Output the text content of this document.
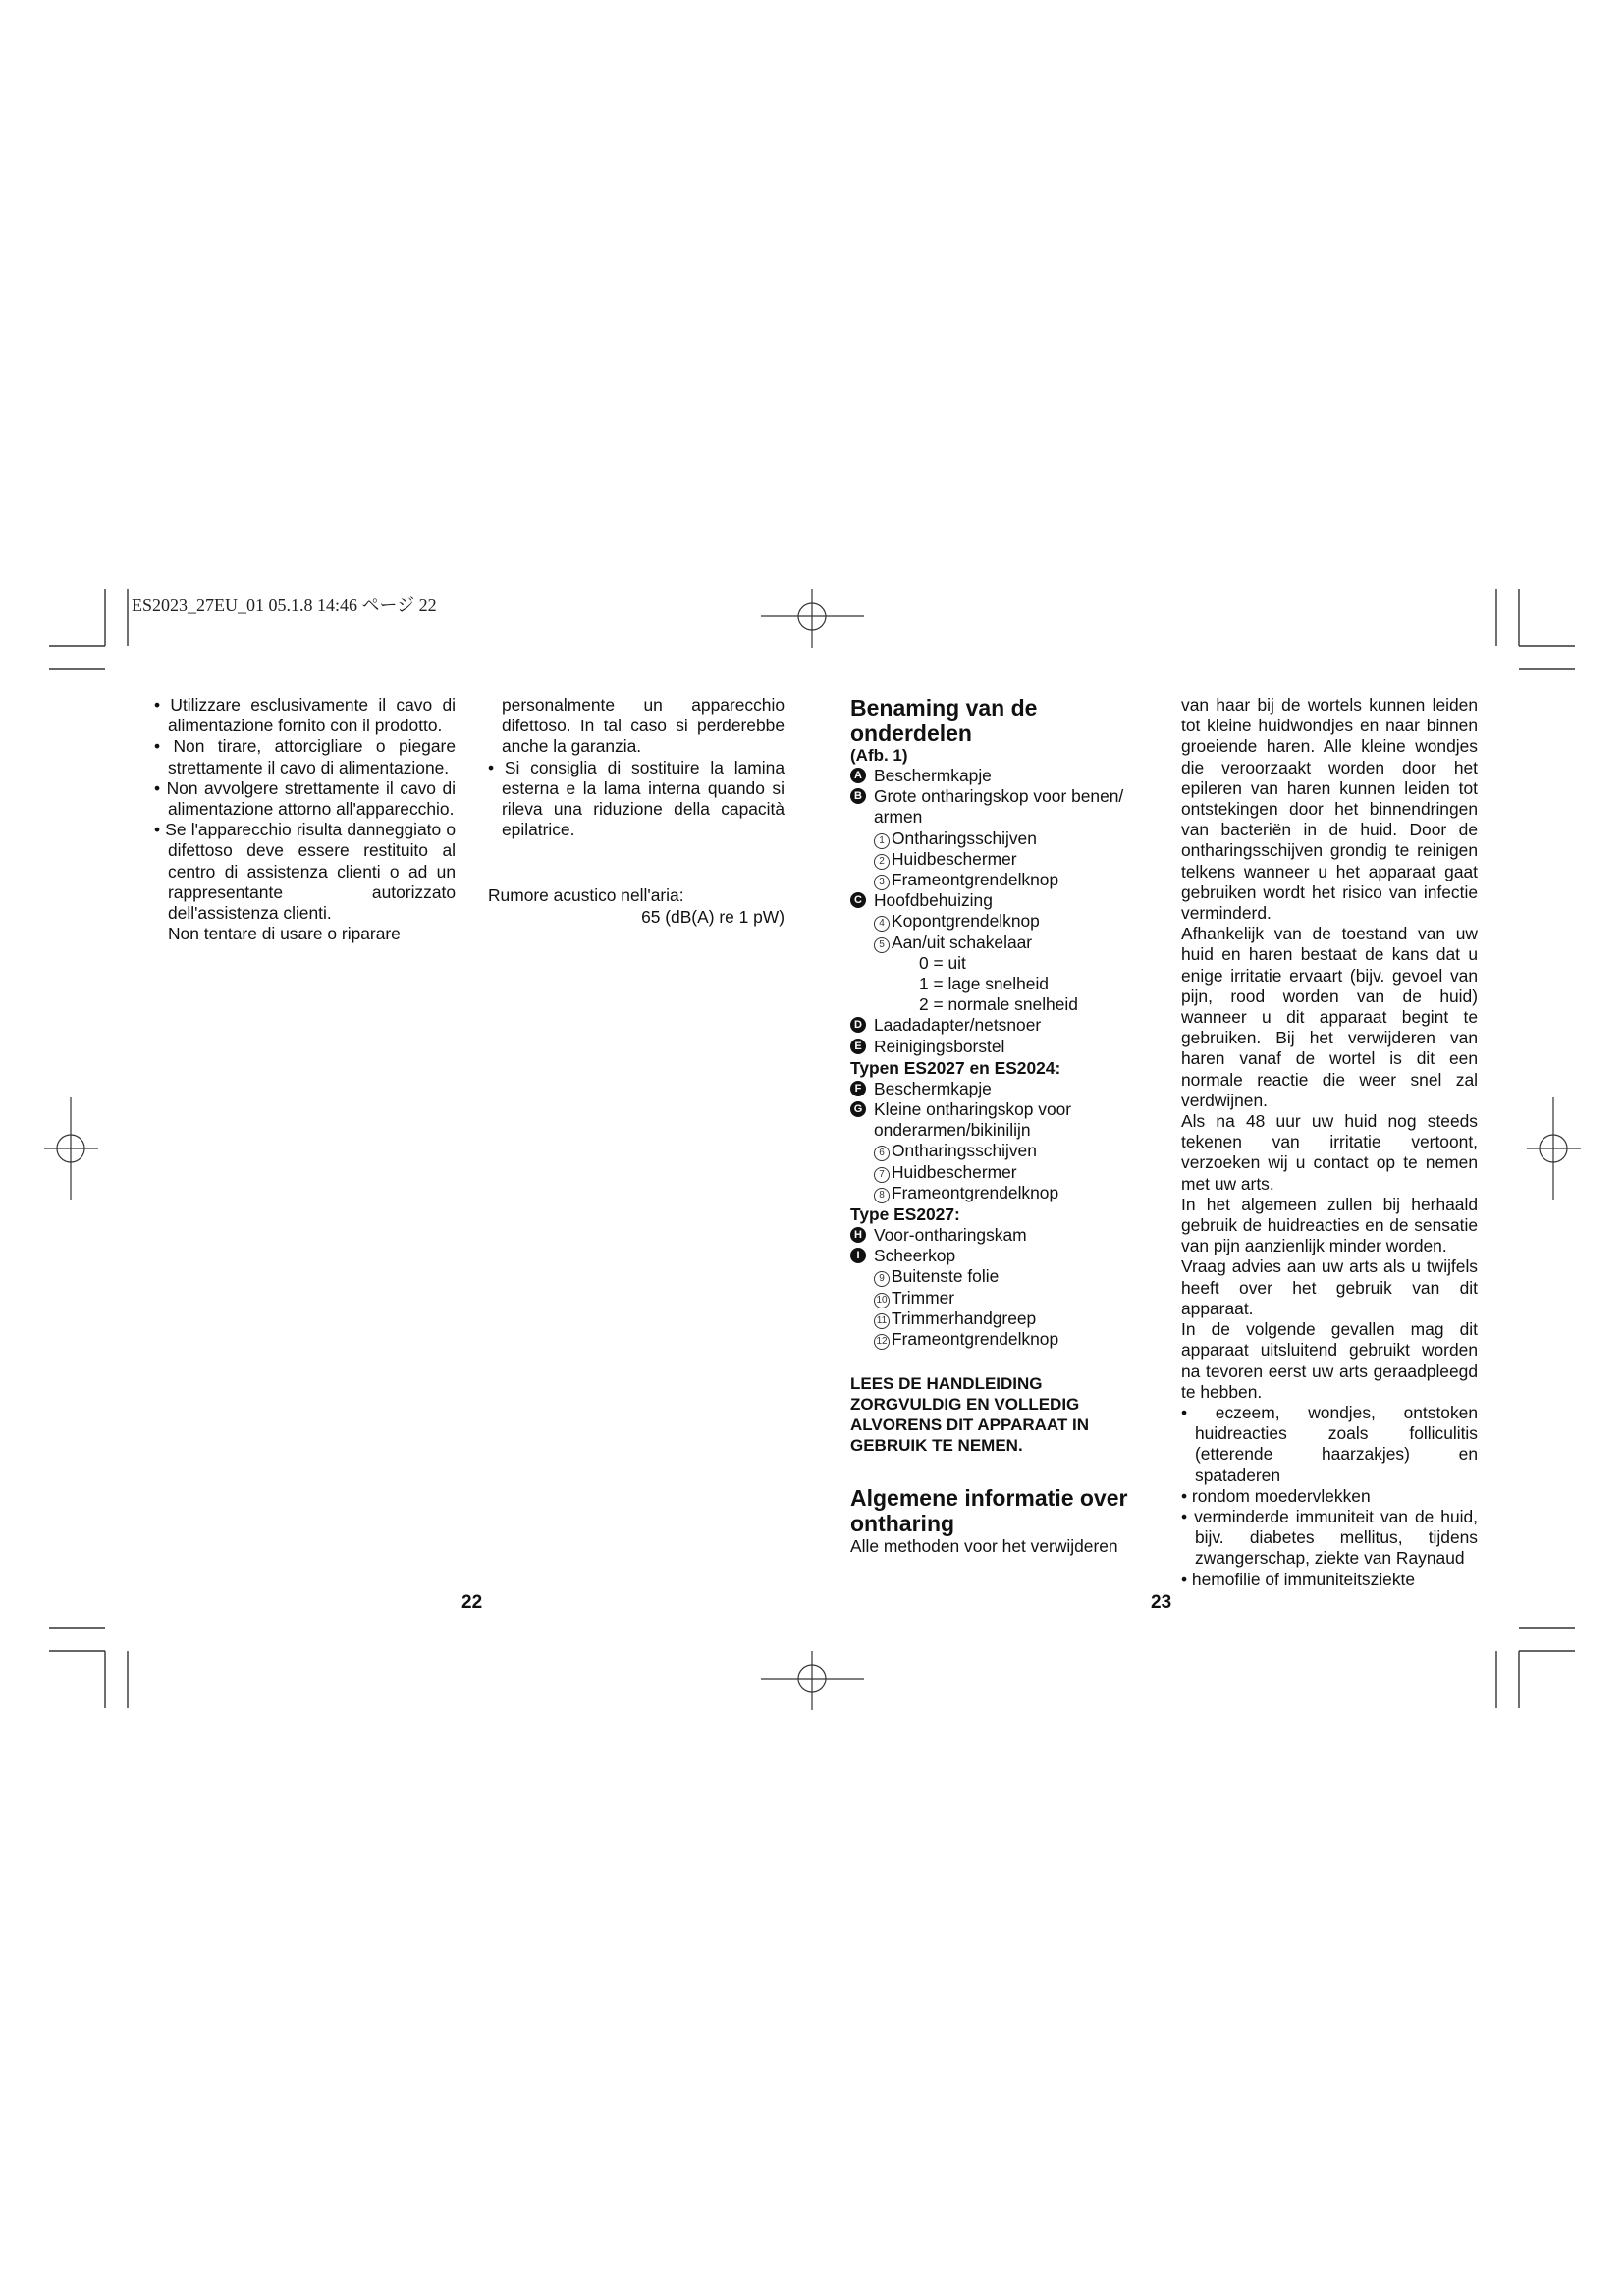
ES2023_27EU_01 05.1.8 14:46 ページ 22

• Utilizzare esclusivamente il cavo di alimentazione fornito con il prodotto.

• Non tirare, attorcigliare o piegare strettamente il cavo di alimentazione.

• Non avvolgere strettamente il cavo di alimentazione attorno all'apparecchio.

• Se l'apparecchio risulta danneggiato o difettoso deve essere restituito al centro di assistenza clienti o ad un rappresentante autorizzato dell'assistenza clienti.

Non tentare di usare o riparare

personalmente un apparecchio difettoso. In tal caso si perderebbe anche la garanzia.

• Si consiglia di sostituire la lamina esterna e la lama interna quando si rileva una riduzione della capacità epilatrice.

Rumore acustico nell'aria:

65 (dB(A) re 1 pW)

Benaming van de onderdelen

(Afb. 1)

A Beschermkapje
B Grote ontharingskop voor benen/ armen
1 Ontharingsschijven
2 Huidbeschermer
3 Frameontgrendelknop
C Hoofdbehuizing
4 Kopontgrendelknop
5 Aan/uit schakelaar
0 = uit
1 = lage snelheid
2 = normale snelheid
D Laadadapter/netsnoer
E Reinigingsborstel

Typen ES2027 en ES2024:

F Beschermkapje
G Kleine ontharingskop voor onderarmen/bikinilijn
6 Ontharingsschijven
7 Huidbeschermer
8 Frameontgrendelknop

Type ES2027:

H Voor-ontharingskam
I Scheerkop
9 Buitenste folie
10 Trimmer
11 Trimmerhandgreep
12 Frameontgrendelknop

LEES DE HANDLEIDING ZORGVULDIG EN VOLLEDIG ALVORENS DIT APPARAAT IN GEBRUIK TE NEMEN.

Algemene informatie over ontharing

Alle methoden voor het verwijderen

van haar bij de wortels kunnen leiden tot kleine huidwondjes en naar binnen groeiende haren. Alle kleine wondjes die veroorzaakt worden door het epileren van haren kunnen leiden tot ontstekingen door het binnendringen van bacteriën in de huid. Door de ontharingsschijven grondig te reinigen telkens wanneer u het apparaat gaat gebruiken wordt het risico van infectie verminderd.

Afhankelijk van de toestand van uw huid en haren bestaat de kans dat u enige irritatie ervaart (bijv. gevoel van pijn, rood worden van de huid) wanneer u dit apparaat begint te gebruiken. Bij het verwijderen van haren vanaf de wortel is dit een normale reactie die weer snel zal verdwijnen.

Als na 48 uur uw huid nog steeds tekenen van irritatie vertoont, verzoeken wij u contact op te nemen met uw arts.

In het algemeen zullen bij herhaald gebruik de huidreacties en de sensatie van pijn aanzienlijk minder worden.

Vraag advies aan uw arts als u twijfels heeft over het gebruik van dit apparaat.

In de volgende gevallen mag dit apparaat uitsluitend gebruikt worden na tevoren eerst uw arts geraadpleegd te hebben.

• eczeem, wondjes, ontstoken huidreacties zoals folliculitis (etterende haarzakjes) en spataderen

• rondom moedervlekken

• verminderde immuniteit van de huid, bijv. diabetes mellitus, tijdens zwangerschap, ziekte van Raynaud

• hemofilie of immuniteitsziekte

22	23
